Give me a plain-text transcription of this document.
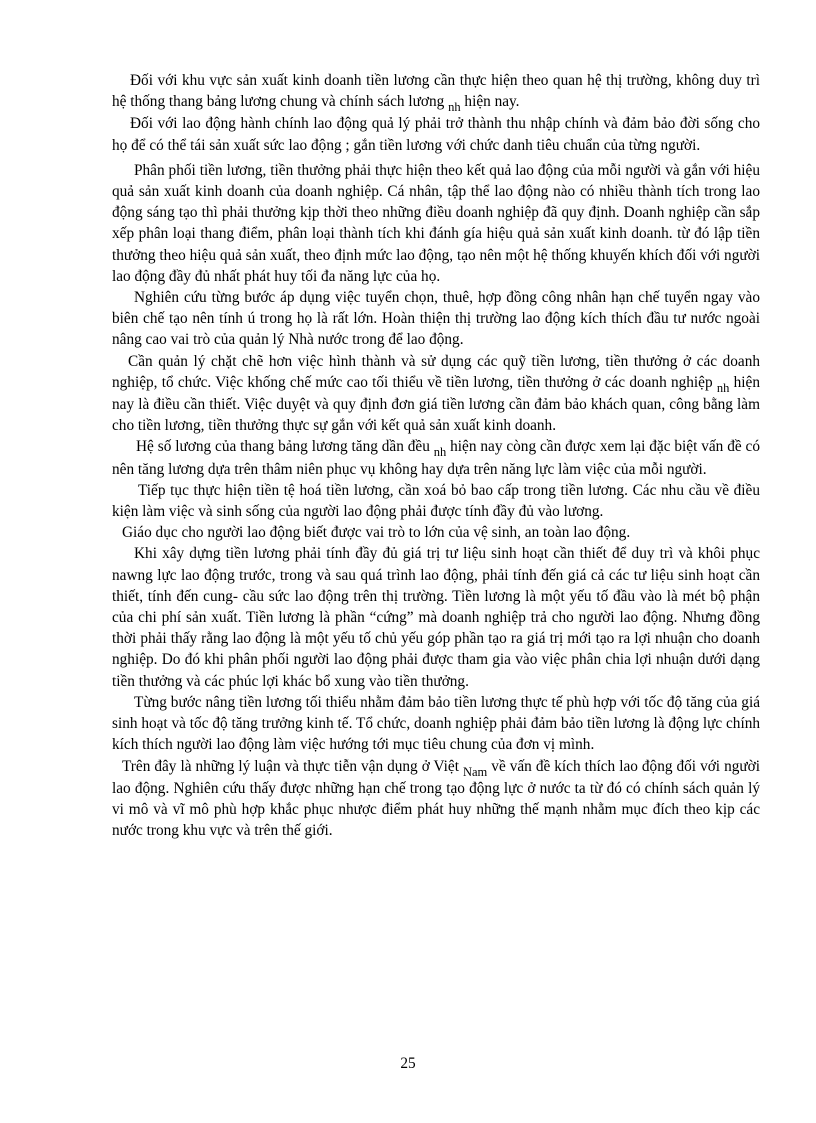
Đối với khu vực sản xuất kinh doanh tiền lương cần thực hiện theo quan hệ thị trường, không duy trì hệ thống thang bảng lương chung và chính sách lương $_{nh}$ hiện nay.

Đối với lao động hành chính lao động quả lý phải trở thành thu nhập chính và đảm bảo đời sống cho họ để có thể tái sản xuất sức lao động ; gắn tiền lương với chức danh tiêu chuẩn của từng người.

Phân phối tiền lương, tiền thưởng phải thực hiện theo kết quả lao động của mỗi người và gắn với hiệu quả sản xuất kinh doanh của doanh nghiệp. Cá nhân, tập thể lao động nào có nhiều thành tích trong lao động sáng tạo thì phải thưởng kịp thời theo những điều doanh nghiệp đã quy định. Doanh nghiệp cần sắp xếp phân loại thang điểm, phân loại thành tích khi đánh gía hiệu quả sản xuất kinh doanh. từ đó lập tiền thưởng theo hiệu quả sản xuất, theo định mức lao động, tạo nên một hệ thống khuyến khích đối với người lao động đầy đủ nhất phát huy tối đa năng lực của họ.

Nghiên cứu từng bước áp dụng việc tuyển chọn, thuê, hợp đồng công nhân hạn chế tuyển ngay vào biên chế tạo nên tính ú trong họ là rất lớn. Hoàn thiện thị trường lao động kích thích đầu tư nước ngoài nâng cao vai trò của quản lý Nhà nước trong để lao động.

Cần quản lý chặt chẽ hơn việc hình thành và sử dụng các quỹ tiền lương, tiền thưởng ở các doanh nghiệp, tổ chức. Việc khống chế mức cao tối thiểu về tiền lương, tiền thưởng ở các doanh nghiệp $_{nh}$ hiện nay là điều cần thiết. Việc duyệt và quy định đơn giá tiền lương cần đảm bảo khách quan, công bằng làm cho tiền lương, tiền thưởng thực sự gắn với kết quả sản xuất kinh doanh.

Hệ số lương của thang bảng lương tăng dần đều $_{nh}$ hiện nay còng cần được xem lại đặc biệt vấn đề có nên tăng lương dựa trên thâm niên phục vụ không hay dựa trên năng lực làm việc của mỗi người.

Tiếp tục thực hiện tiền tệ hoá tiền lương, cần xoá bỏ bao cấp trong tiền lương. Các nhu cầu về điều kiện làm việc và sinh sống của người lao động phải được tính đầy đủ vào lương.

Giáo dục cho người lao động biết được vai trò to lớn của vệ sinh, an toàn lao động.

Khi xây dựng tiền lương phải tính đầy đủ giá trị tư liệu sinh hoạt cần thiết để duy trì và khôi phục nawng lực lao động trước, trong và sau quá trình lao động, phải tính đến giá cả các tư liệu sinh hoạt cần thiết, tính đến cung- cầu sức lao động trên thị trường. Tiền lương là một yếu tố đầu vào là mét bộ phận của chi phí sản xuất. Tiền lương là phần “cứng” mà doanh nghiệp trả cho người lao động. Nhưng đồng thời phải thấy rằng lao động là một yếu tố chủ yếu góp phần tạo ra giá trị mới tạo ra lợi nhuận cho doanh nghiệp. Do đó khi phân phối người lao động phải được tham gia vào việc phân chia lợi nhuận dưới dạng tiền thưởng và các phúc lợi khác bổ xung vào tiền thưởng.

Từng bước nâng tiền lương tối thiểu nhằm đảm bảo tiền lương thực tế phù hợp với tốc độ tăng của giá sinh hoạt và tốc độ tăng trưởng kinh tế. Tổ chức, doanh nghiệp phải đảm bảo tiền lương là động lực chính kích thích người lao động làm việc hướng tới mục tiêu chung của đơn vị mình.

Trên đây là những lý luận và thực tiễn vận dụng ở Việt $_{Nam}$ về vấn đề kích thích lao động đối với người lao động. Nghiên cứu thấy được những hạn chế trong tạo động lực ở nước ta từ đó có chính sách quản lý vi mô và vĩ mô phù hợp khắc phục nhược điểm phát huy những thế mạnh nhằm mục đích theo kịp các nước trong khu vực và trên thế giới.

25
